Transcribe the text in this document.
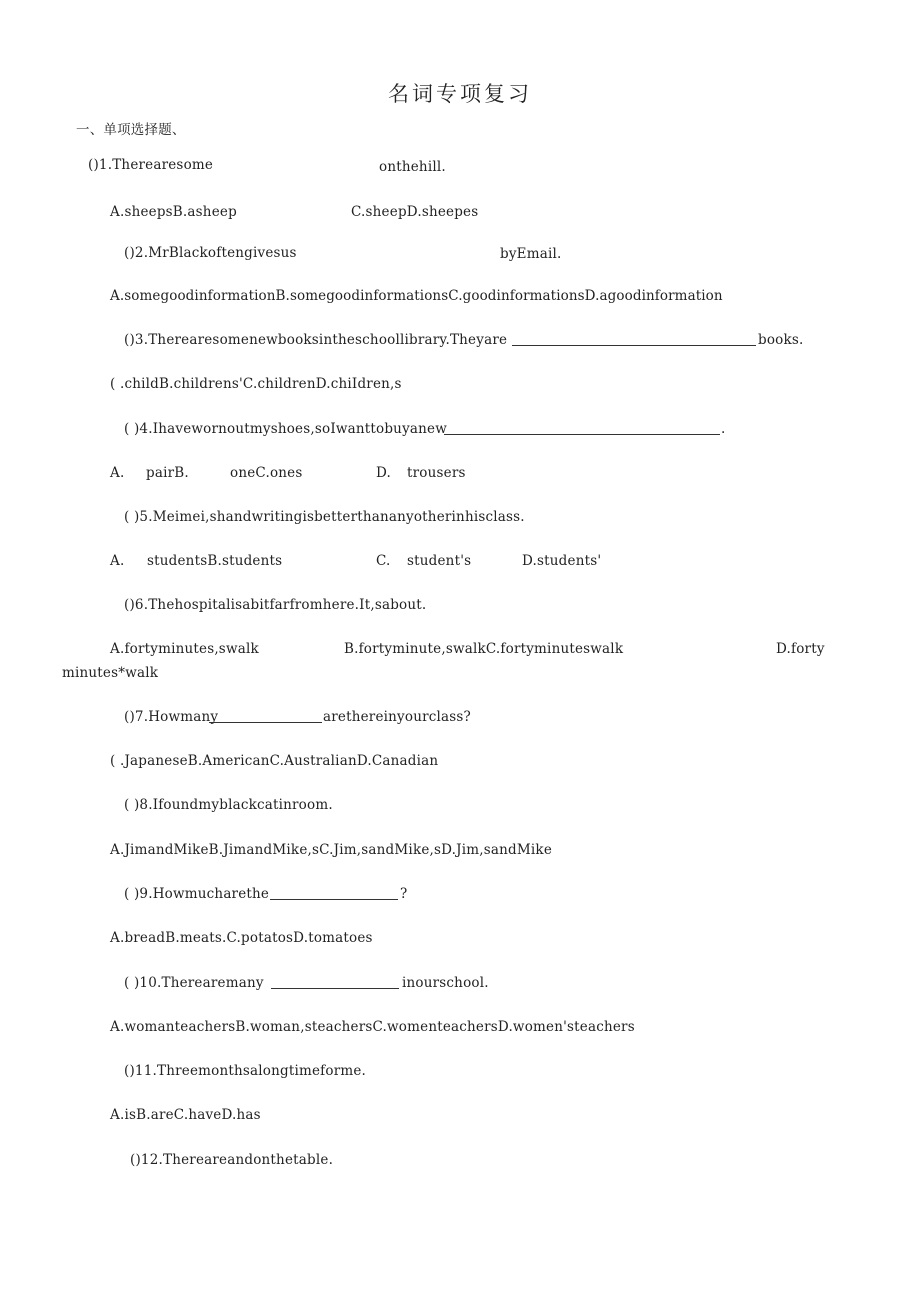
名词专项复习
一、单项选择题、
()1.Therearesome	onthehill.
A.sheepsB.asheep	C.sheepD.sheepes
()2.MrBlackoftengivesus	byEmail.
A.somegoodinformationB.somegoodinformationsC.goodinformationsD.agoodinformation
()3.Therearesomenewbooksintheschoollibrary.Theyare	books.
( .childB.childrens'C.childrenD.chiIdren,s
( )4.Ihavewornoutmyshoes,soIwanttobuyanew	.
A. pairB.	oneC.ones	D. trousers
( )5.Meimei,shandwritingisbetterthananyotherinhisclass.
A. studentsB.students	C. student's	D.students'
()6.Thehospitalisabitfarfromhere.It,sabout.
A.fortyminutes,swalk	B.fortyminute,swalkC.fortyminuteswalk	D.forty
minutes*walk
()7.Howmany	arethereinyourclass?
( .JapaneseB.AmericanC.AustralianD.Canadian
( )8.Ifoundmyblackcatinroom.
A.JimandMikeB.JimandMike,sC.Jim,sandMike,sD.Jim,sandMike
( )9.Howmucharethe	?
A.breadB.meats.C.potatosD.tomatoes
( )10.Therearemany	inourschool.
A.womanteachersB.woman,steachersC.womenteachersD.women'steachers
()11.Threemonthsalongtimeforme.
A.isB.areC.haveD.has
()12.Thereareandonthetable.
